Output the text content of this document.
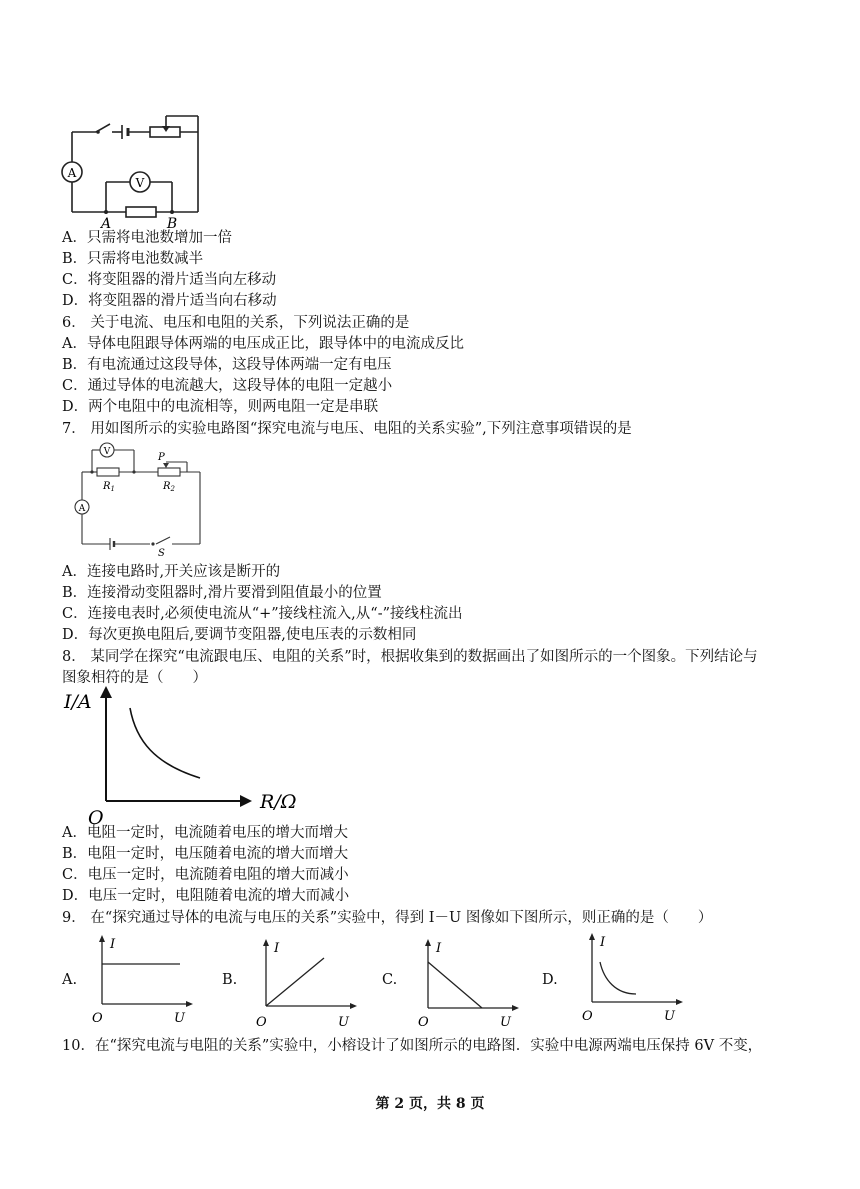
A
V
A	B
A．只需将电池数增加一倍
B．只需将电池数减半
C．将变阻器的滑片适当向左移动
D．将变阻器的滑片适当向右移动
6． 关于电流、电压和电阻的关系，下列说法正确的是
A．导体电阻跟导体两端的电压成正比，跟导体中的电流成反比
B．有电流通过这段导体，这段导体两端一定有电压
C．通过导体的电流越大，这段导体的电阻一定越小
D．两个电阻中的电流相等，则两电阻一定是串联
7． 用如图所示的实验电路图“探究电流与电压、电阻的关系实验”,下列注意事项错误的是
V
A
$R_1$	$R_2$
P
S
A．连接电路时,开关应该是断开的
B．连接滑动变阻器时,滑片要滑到阻值最小的位置
C．连接电表时,必须使电流从“+”接线柱流入,从“-”接线柱流出
D．每次更换电阻后,要调节变阻器,使电压表的示数相同
8． 某同学在探究“电流跟电压、电阻的关系”时，根据收集到的数据画出了如图所示的一个图象。下列结论与
图象相符的是（　　）
I/A
R/Ω
O
A．电阻一定时，电流随着电压的增大而增大
B．电阻一定时，电压随着电流的增大而增大
C．电压一定时，电流随着电阻的增大而减小
D．电压一定时，电阻随着电流的增大而减小
9． 在“探究通过导体的电流与电压的关系”实验中，得到 I－U 图像如下图所示，则正确的是（　　）
A.
I
U
O
B.
I
U
O
C.
I
U
O
D.
I
U
O
10．在“探究电流与电阻的关系”实验中，小榕设计了如图所示的电路图．实验中电源两端电压保持 6V 不变，
第 2 页，共 8 页
